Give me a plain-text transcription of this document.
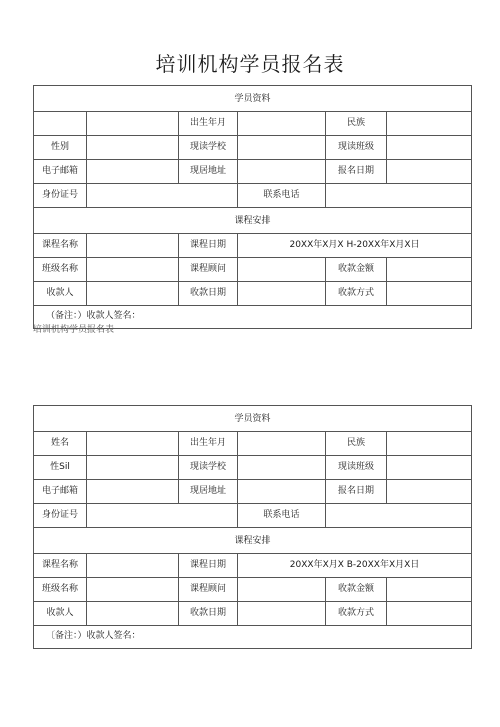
培训机构学员报名表
学员资料					
		出生年月		民族	
性别		现读学校		现读班级	
电子邮箱		现居地址		报名日期	
身份证号			联系电话		
课程安排					
课程名称		课程日期	20XX年X月X H-20XX年X月X日		
班级名称		课程顾问		收款金额	
收款人		收款日期		收款方式	
（备注：）收款人签名：					
培训机构学员报名表
学员资料					
姓名		出生年月		民族	
性Sil		现读学校		现读班级	
电子邮箱		现居地址		报名日期	
身份证号			联系电话		
课程安排					
课程名称		课程日期	20XX年X月X B-20XX年X月X日		
班级名称		课程顾问		收款金额	
收款人		收款日期		收款方式	
〔备注：）收款人签名：					
